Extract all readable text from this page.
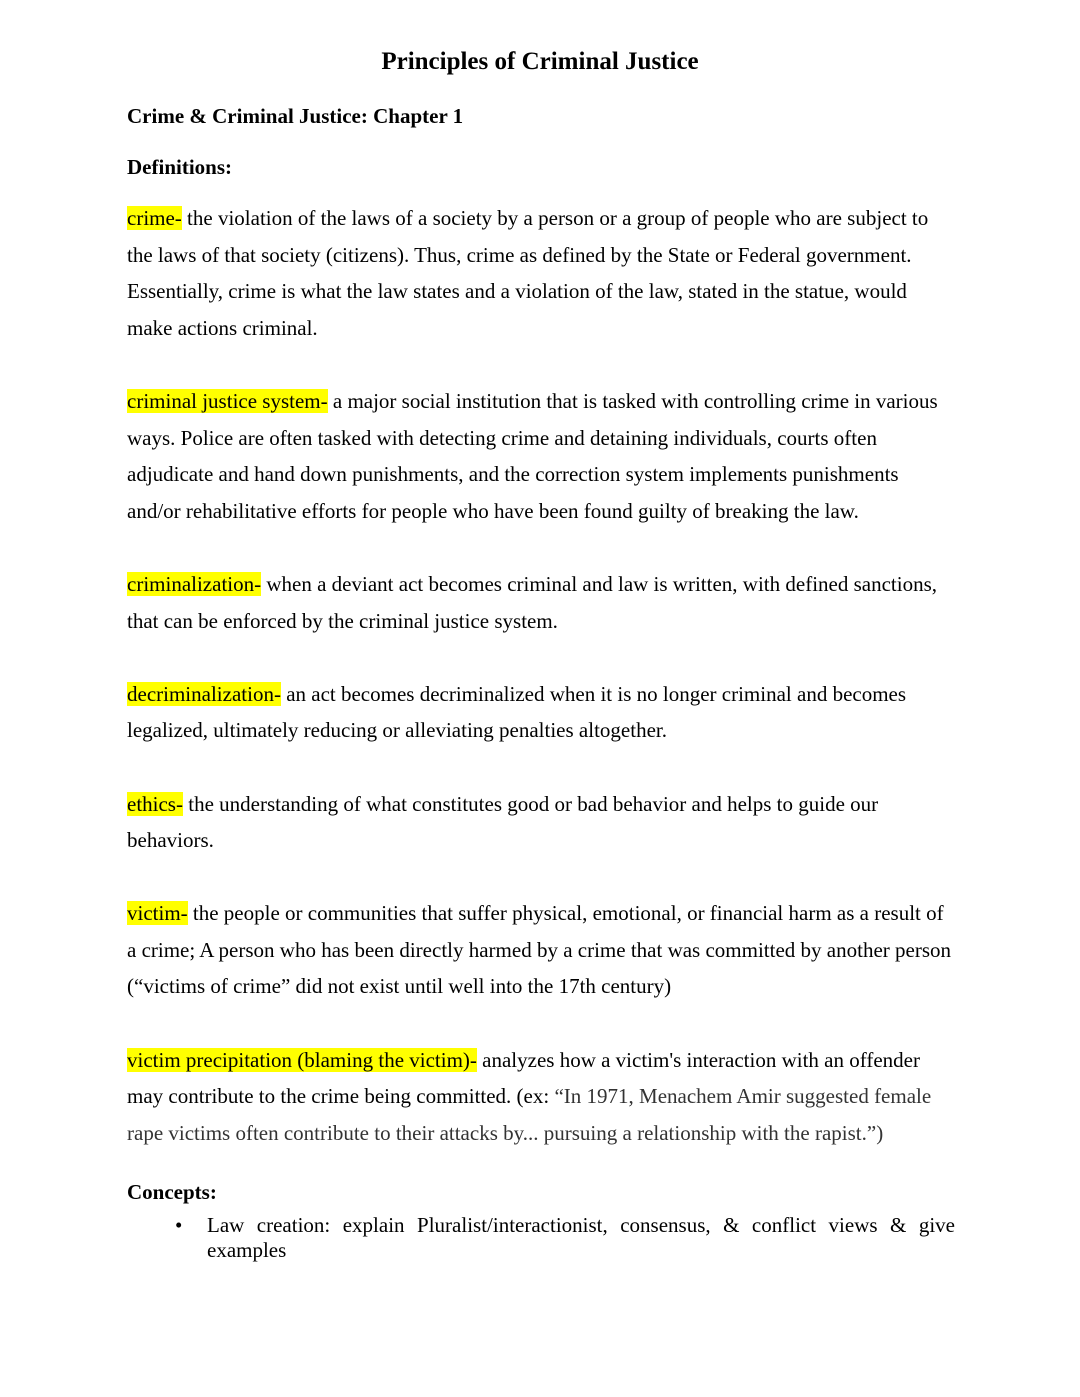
Principles of Criminal Justice
Crime & Criminal Justice: Chapter 1
Definitions:

crime- the violation of the laws of a society by a person or a group of people who are subject to the laws of that society (citizens). Thus, crime as defined by the State or Federal government. Essentially, crime is what the law states and a violation of the law, stated in the statue, would make actions criminal.

criminal justice system- a major social institution that is tasked with controlling crime in various ways. Police are often tasked with detecting crime and detaining individuals, courts often adjudicate and hand down punishments, and the correction system implements punishments and/or rehabilitative efforts for people who have been found guilty of breaking the law.

criminalization- when a deviant act becomes criminal and law is written, with defined sanctions, that can be enforced by the criminal justice system.

decriminalization- an act becomes decriminalized when it is no longer criminal and becomes legalized, ultimately reducing or alleviating penalties altogether.

ethics- the understanding of what constitutes good or bad behavior and helps to guide our behaviors.

victim- the people or communities that suffer physical, emotional, or financial harm as a result of a crime; A person who has been directly harmed by a crime that was committed by another person (“victims of crime” did not exist until well into the 17th century)

victim precipitation (blaming the victim)- analyzes how a victim's interaction with an offender may contribute to the crime being committed. (ex: “In 1971, Menachem Amir suggested female rape victims often contribute to their attacks by... pursuing a relationship with the rapist.”)

Concepts:
• Law creation: explain Pluralist/interactionist, consensus, & conflict views & give examples
